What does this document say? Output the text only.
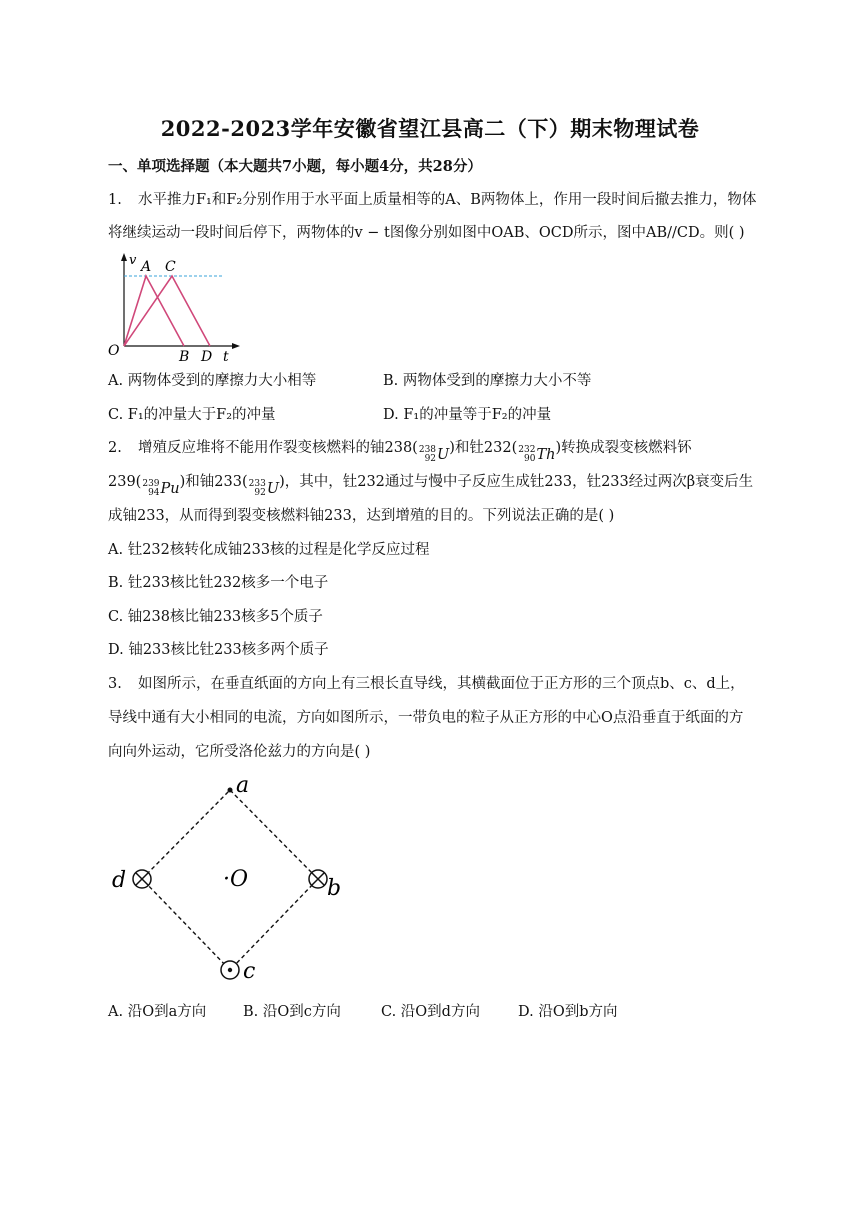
2022-2023学年安徽省望江县高二（下）期末物理试卷
一、单项选择题（本大题共7小题，每小题4分，共28分）
1. 水平推力F₁和F₂分别作用于水平面上质量相等的A、B两物体上，作用一段时间后撤去推力，物体
将继续运动一段时间后停下，两物体的v − t图像分别如图中OAB、OCD所示，图中AB//CD。则( )
v A C
O	B D t
A. 两物体受到的摩擦力大小相等	B. 两物体受到的摩擦力大小不等
C. F₁的冲量大于F₂的冲量	D. F₁的冲量等于F₂的冲量
2. 增殖反应堆将不能用作裂变核燃料的铀238( 238
92 U )和钍232( 232
90 Th )转换成裂变核燃料钚
239( 239
94 Pu )和铀233( 233
92 U )，其中，钍232通过与慢中子反应生成钍233，钍233经过两次β衰变后生
成铀233，从而得到裂变核燃料铀233，达到增殖的目的。下列说法正确的是( )
A. 钍232核转化成铀233核的过程是化学反应过程
B. 钍233核比钍232核多一个电子
C. 铀238核比铀233核多5个质子
D. 铀233核比钍233核多两个质子
3. 如图所示，在垂直纸面的方向上有三根长直导线，其横截面位于正方形的三个顶点b、c、d上，
导线中通有大小相同的电流，方向如图所示，一带负电的粒子从正方形的中心O点沿垂直于纸面的方
向向外运动，它所受洛伦兹力的方向是( )
a
d	b
c
·O
A. 沿O到a方向	B. 沿O到c方向	C. 沿O到d方向	D. 沿O到b方向
